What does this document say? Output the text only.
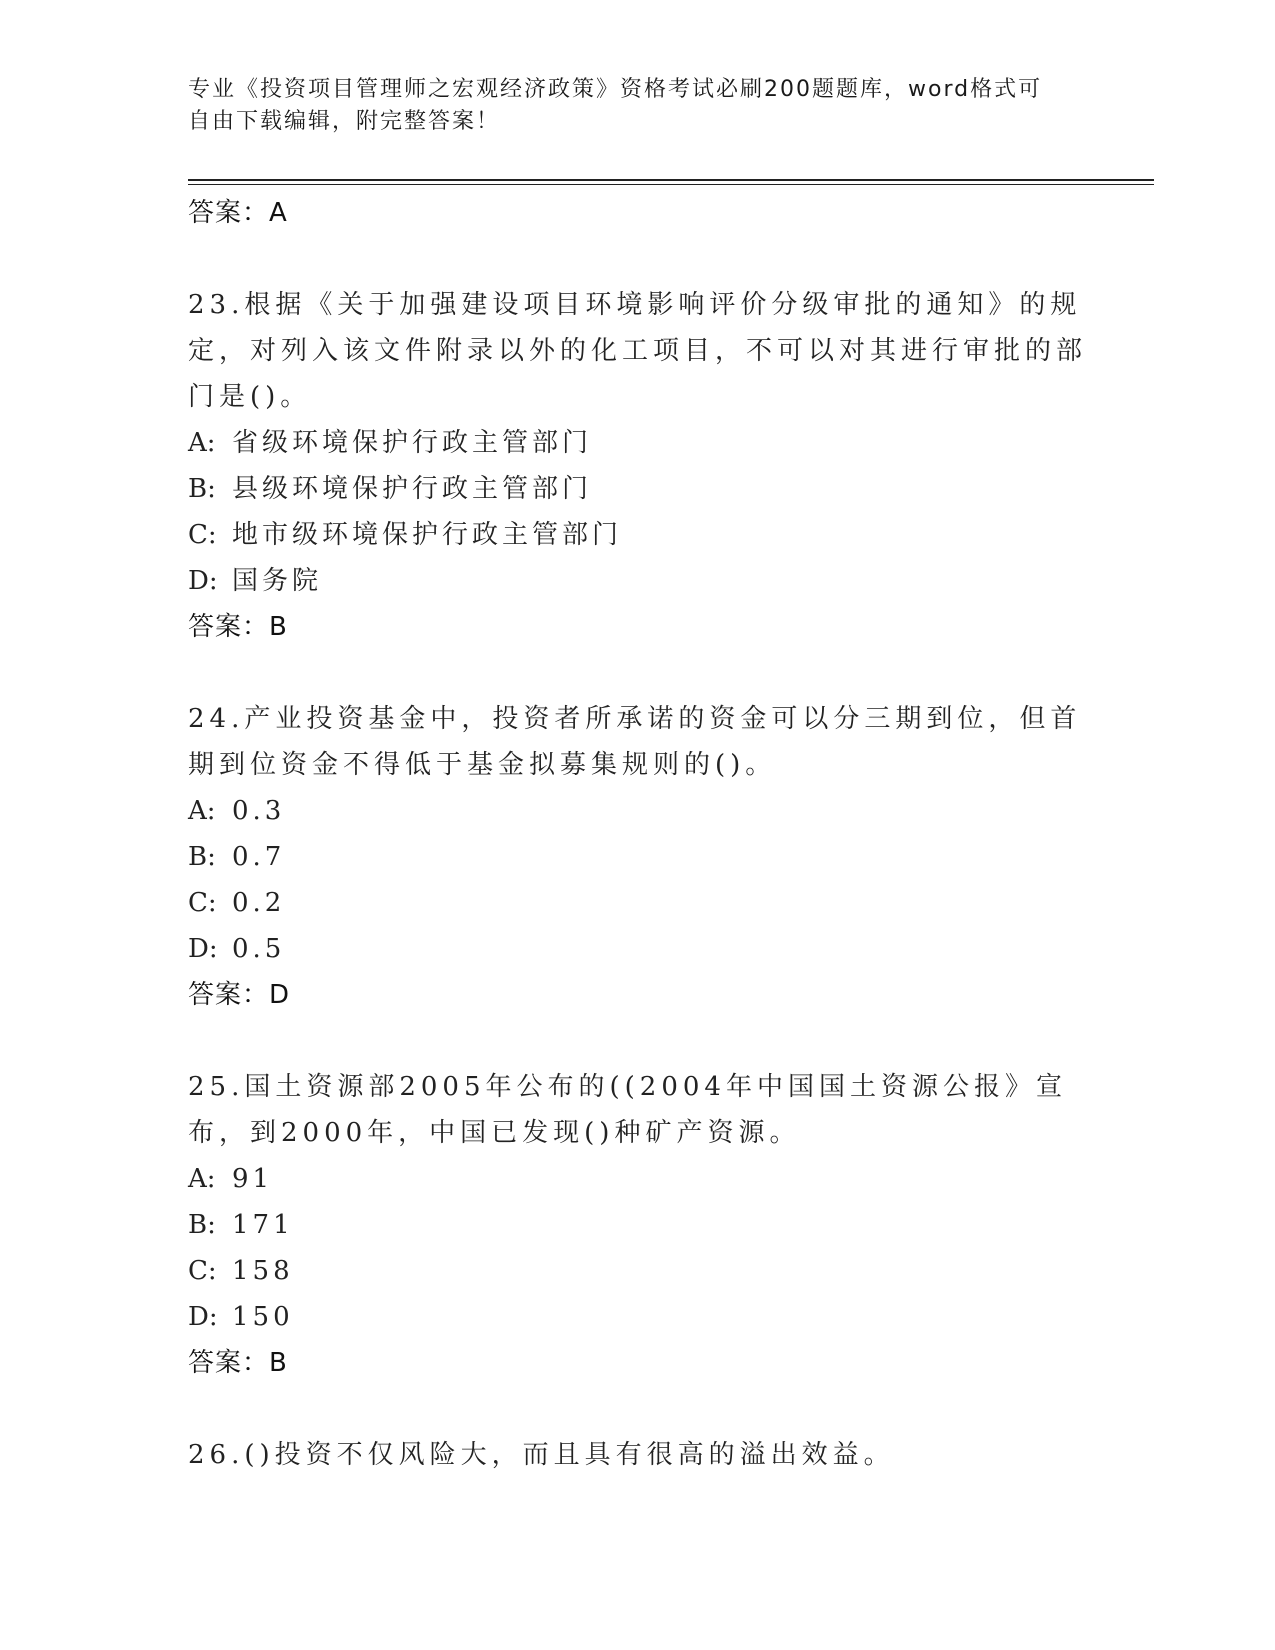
专业《投资项目管理师之宏观经济政策》资格考试必刷200题题库，word格式可
自由下载编辑，附完整答案！
答案：A
23.根据《关于加强建设项目环境影响评价分级审批的通知》的规定，对列入该文件附录以外的化工项目，不可以对其进行审批的部门是()。
A: 省级环境保护行政主管部门
B: 县级环境保护行政主管部门
C: 地市级环境保护行政主管部门
D: 国务院
答案：B
24.产业投资基金中，投资者所承诺的资金可以分三期到位，但首期到位资金不得低于基金拟募集规则的()。
A: 0.3
B: 0.7
C: 0.2
D: 0.5
答案：D
25.国土资源部2005年公布的((2004年中国国土资源公报》宣布，到2000年，中国已发现()种矿产资源。
A: 91
B: 171
C: 158
D: 150
答案：B
26.()投资不仅风险大，而且具有很高的溢出效益。
